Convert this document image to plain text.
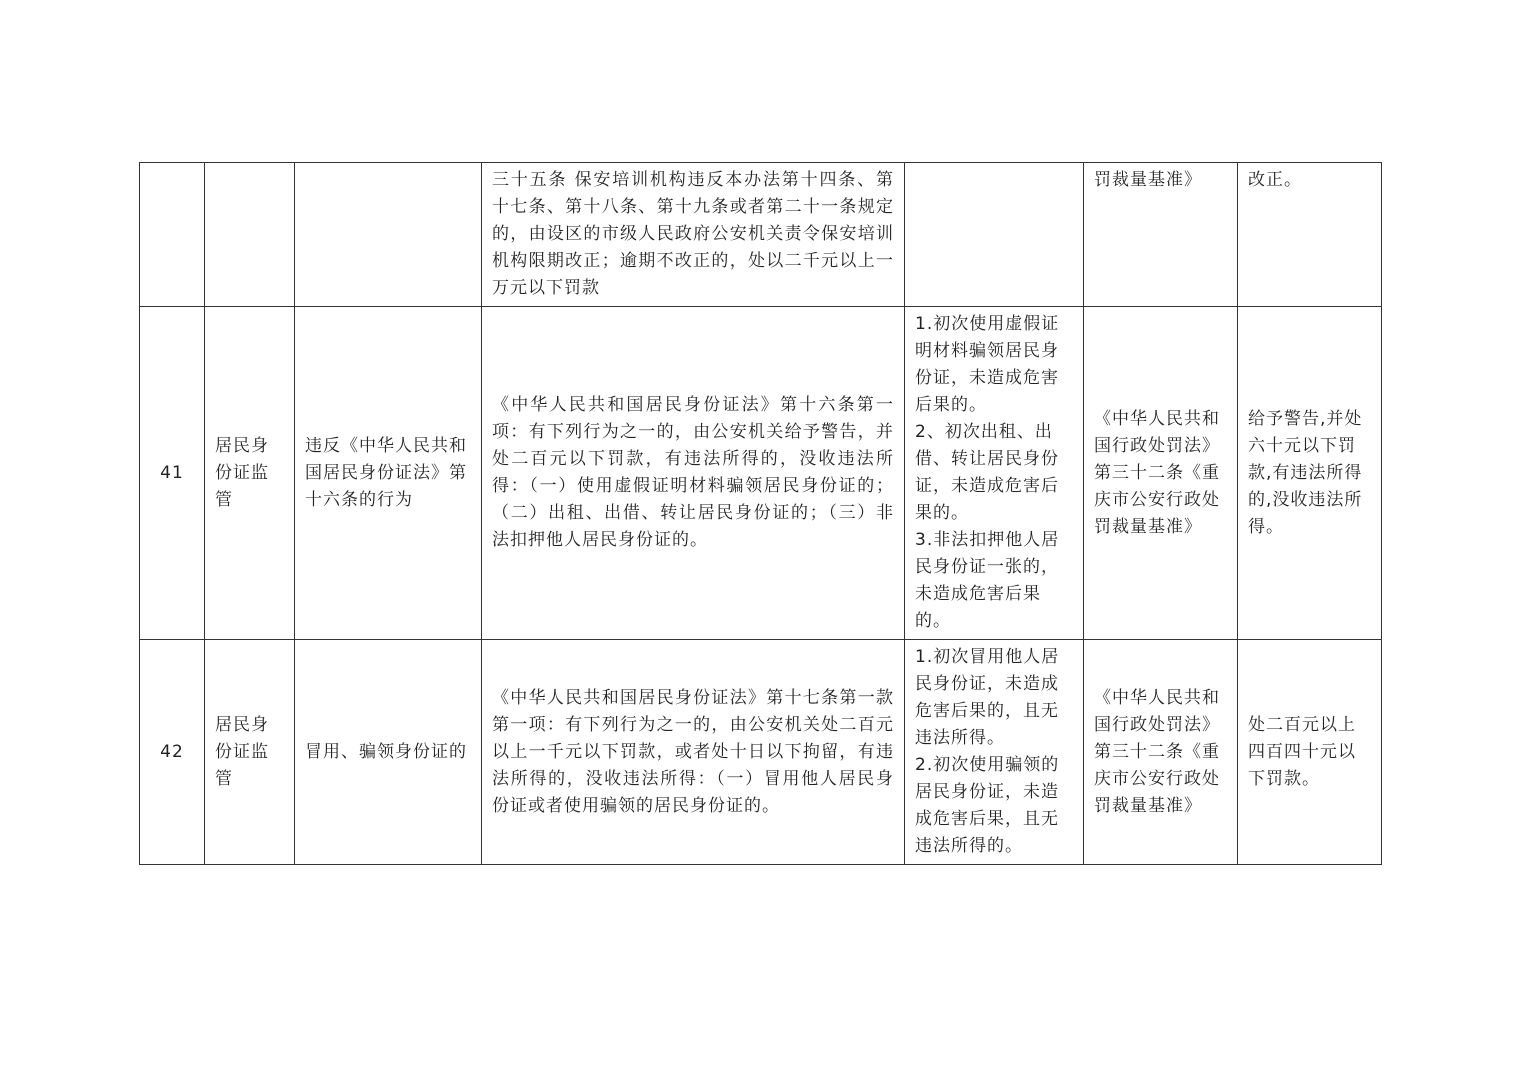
			三十五条 保安培训机构违反本办法第十四条、第十七条、第十八条、第十九条或者第二十一条规定的，由设区的市级人民政府公安机关责令保安培训机构限期改正；逾期不改正的，处以二千元以上一万元以下罚款		罚裁量基准》	改正。
41	居民身份证监管	违反《中华人民共和国居民身份证法》第十六条的行为	《中华人民共和国居民身份证法》第十六条第一项：有下列行为之一的，由公安机关给予警告，并处二百元以下罚款，有违法所得的，没收违法所得：（一）使用虚假证明材料骗领居民身份证的；（二）出租、出借、转让居民身份证的；（三）非法扣押他人居民身份证的。	1.初次使用虚假证明材料骗领居民身份证，未造成危害后果的。
2、初次出租、出借、转让居民身份证，未造成危害后果的。
3.非法扣押他人居民身份证一张的，未造成危害后果的。	《中华人民共和国行政处罚法》第三十二条《重庆市公安行政处罚裁量基准》	给予警告,并处六十元以下罚款,有违法所得的,没收违法所得。
42	居民身份证监管	冒用、骗领身份证的	《中华人民共和国居民身份证法》第十七条第一款第一项：有下列行为之一的，由公安机关处二百元以上一千元以下罚款，或者处十日以下拘留，有违法所得的，没收违法所得：（一）冒用他人居民身份证或者使用骗领的居民身份证的。	1.初次冒用他人居民身份证，未造成危害后果的，且无违法所得。
2.初次使用骗领的居民身份证，未造成危害后果，且无违法所得的。	《中华人民共和国行政处罚法》第三十二条《重庆市公安行政处罚裁量基准》	处二百元以上四百四十元以下罚款。
